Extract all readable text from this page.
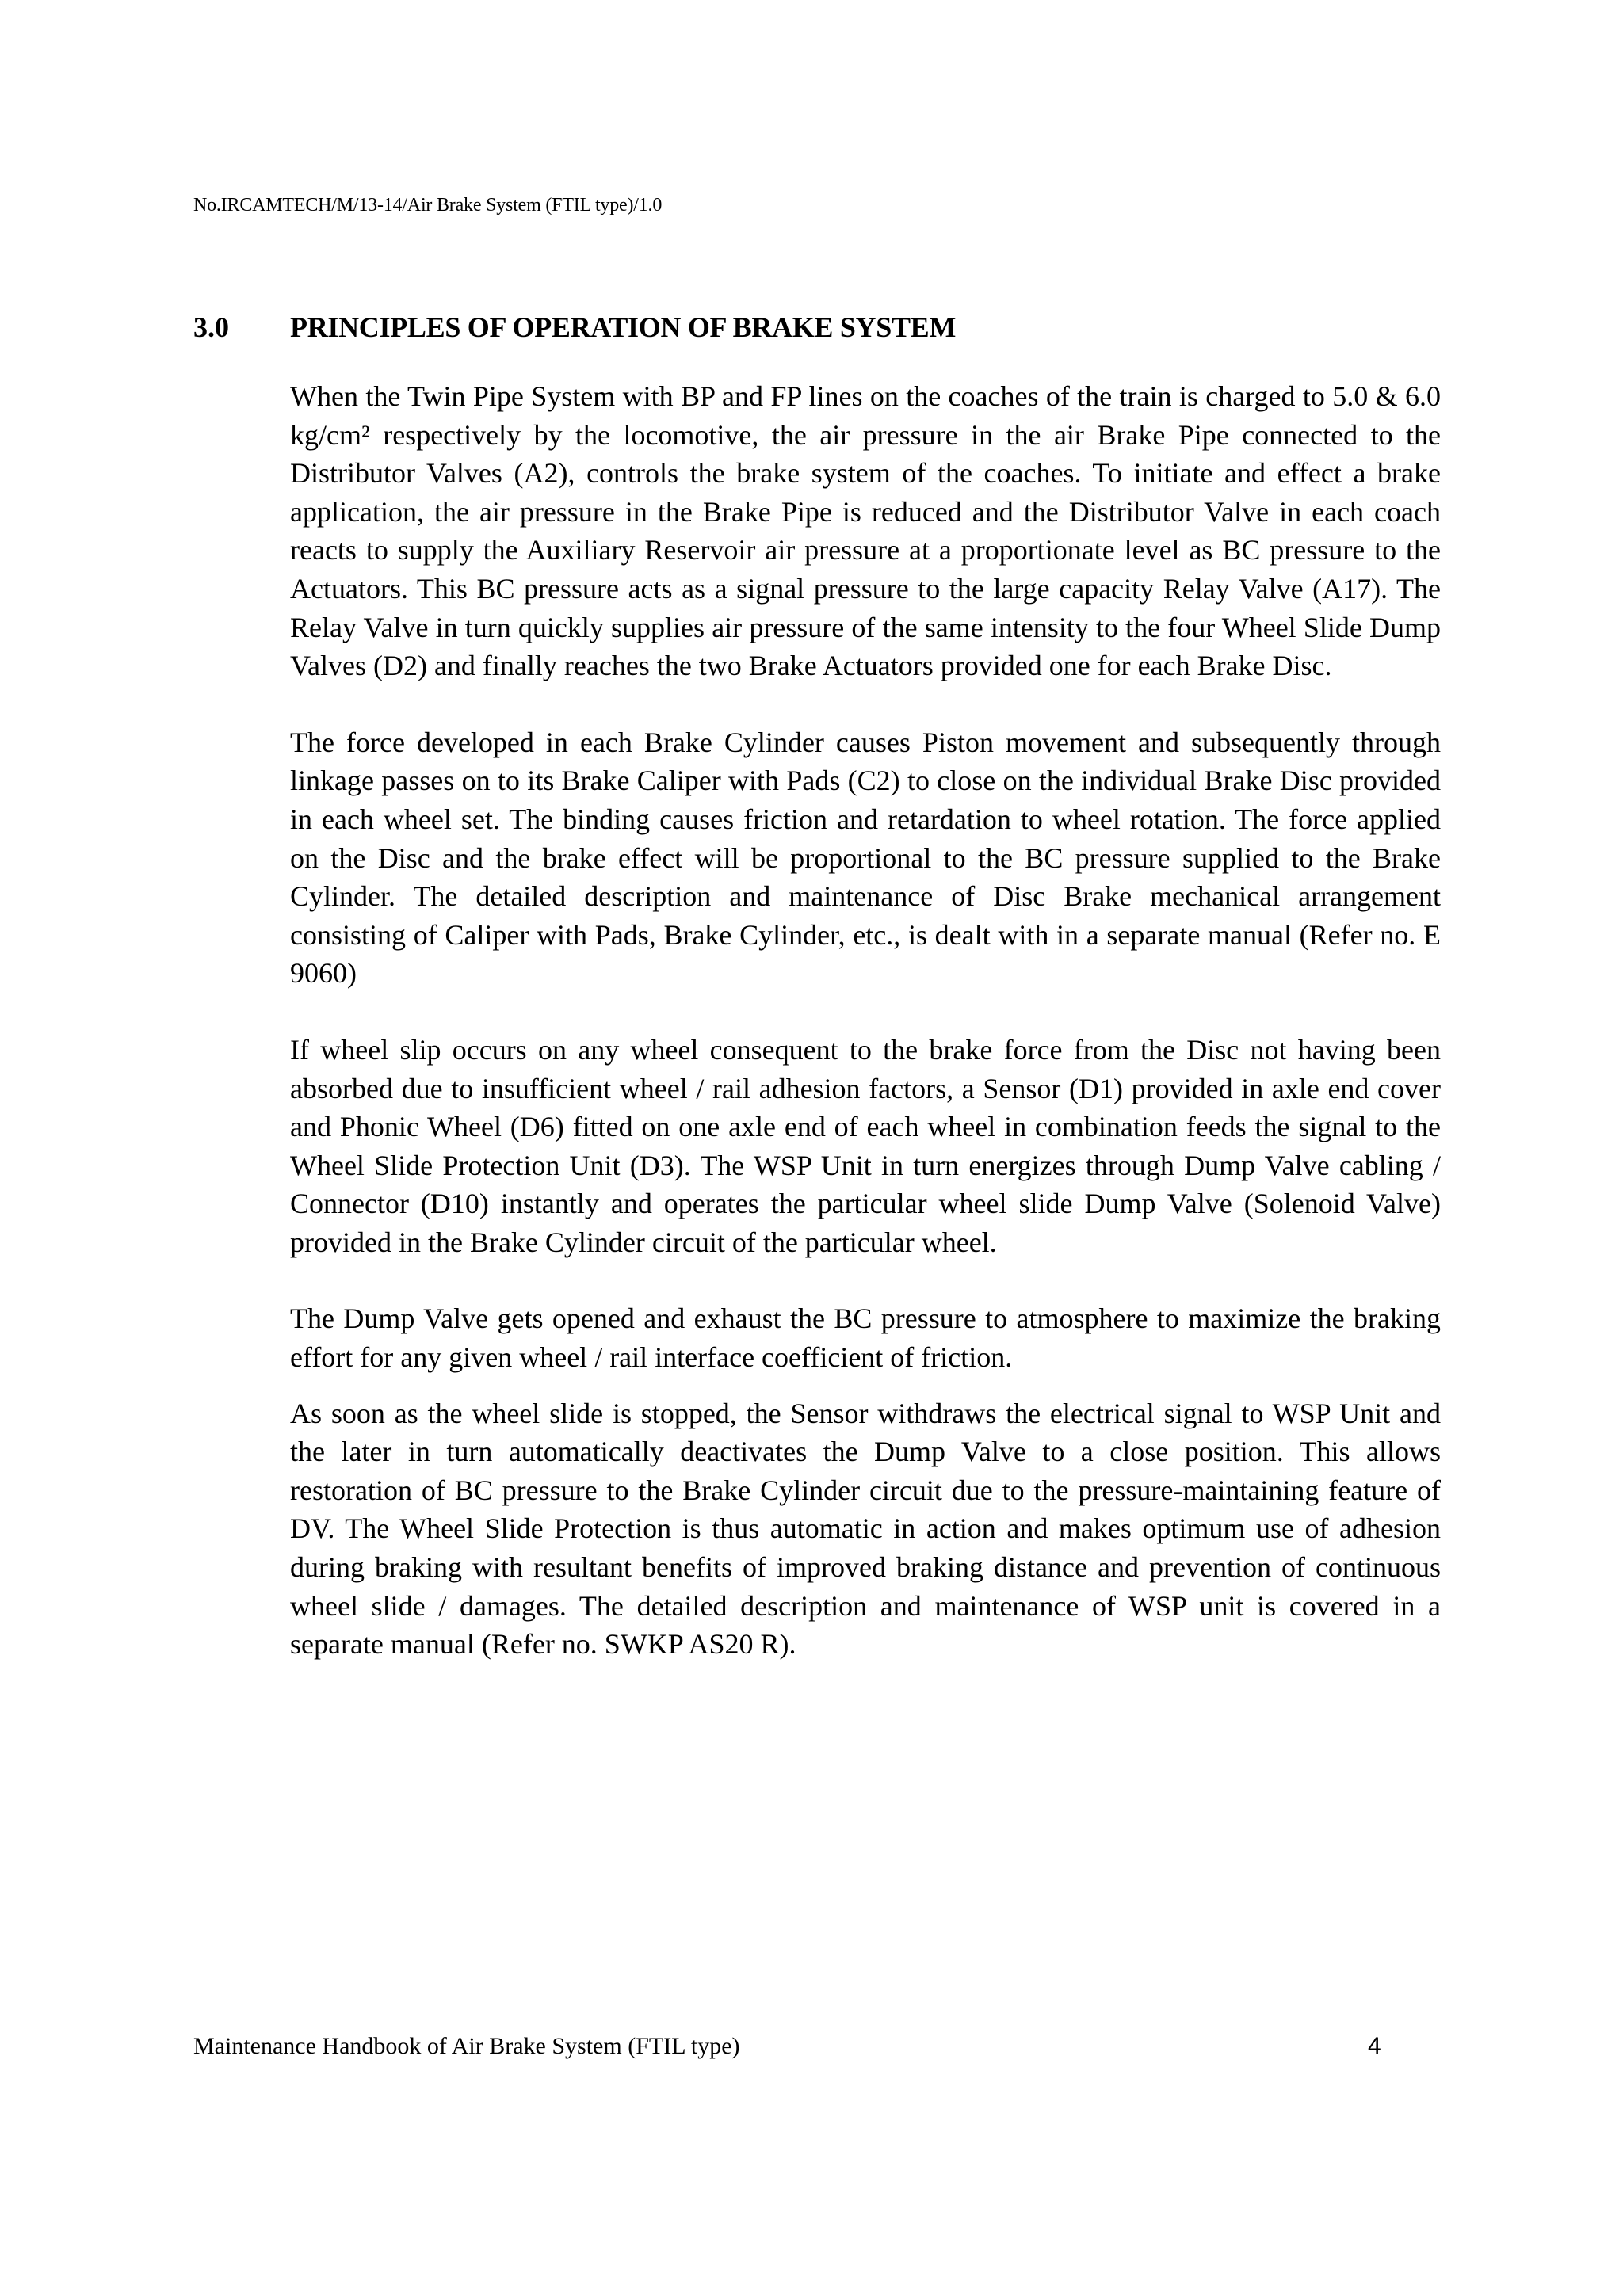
No.IRCAMTECH/M/13-14/Air Brake System (FTIL type)/1.0
3.0 PRINCIPLES OF OPERATION OF BRAKE SYSTEM

When the Twin Pipe System with BP and FP lines on the coaches of the train is charged to 5.0 & 6.0 kg/cm² respectively by the locomotive, the air pressure in the air Brake Pipe connected to the Distributor Valves (A2), controls the brake system of the coaches. To initiate and effect a brake application, the air pressure in the Brake Pipe is reduced and the Distributor Valve in each coach reacts to supply the Auxiliary Reservoir air pressure at a proportionate level as BC pressure to the Actuators. This BC pressure acts as a signal pressure to the large capacity Relay Valve (A17). The Relay Valve in turn quickly supplies air pressure of the same intensity to the four Wheel Slide Dump Valves (D2) and finally reaches the two Brake Actuators provided one for each Brake Disc.

The force developed in each Brake Cylinder causes Piston movement and subsequently through linkage passes on to its Brake Caliper with Pads (C2) to close on the individual Brake Disc provided in each wheel set. The binding causes friction and retardation to wheel rotation. The force applied on the Disc and the brake effect will be proportional to the BC pressure supplied to the Brake Cylinder. The detailed description and maintenance of Disc Brake mechanical arrangement consisting of Caliper with Pads, Brake Cylinder, etc., is dealt with in a separate manual (Refer no. E 9060)

If wheel slip occurs on any wheel consequent to the brake force from the Disc not having been absorbed due to insufficient wheel / rail adhesion factors, a Sensor (D1) provided in axle end cover and Phonic Wheel (D6) fitted on one axle end of each wheel in combination feeds the signal to the Wheel Slide Protection Unit (D3). The WSP Unit in turn energizes through Dump Valve cabling / Connector (D10) instantly and operates the particular wheel slide Dump Valve (Solenoid Valve) provided in the Brake Cylinder circuit of the particular wheel.

The Dump Valve gets opened and exhaust the BC pressure to atmosphere to maximize the braking effort for any given wheel / rail interface coefficient of friction.

As soon as the wheel slide is stopped, the Sensor withdraws the electrical signal to WSP Unit and the later in turn automatically deactivates the Dump Valve to a close position. This allows restoration of BC pressure to the Brake Cylinder circuit due to the pressure-maintaining feature of DV. The Wheel Slide Protection is thus automatic in action and makes optimum use of adhesion during braking with resultant benefits of improved braking distance and prevention of continuous wheel slide / damages. The detailed description and maintenance of WSP unit is covered in a separate manual (Refer no. SWKP AS20 R).

Maintenance Handbook of Air Brake System (FTIL type)	4
